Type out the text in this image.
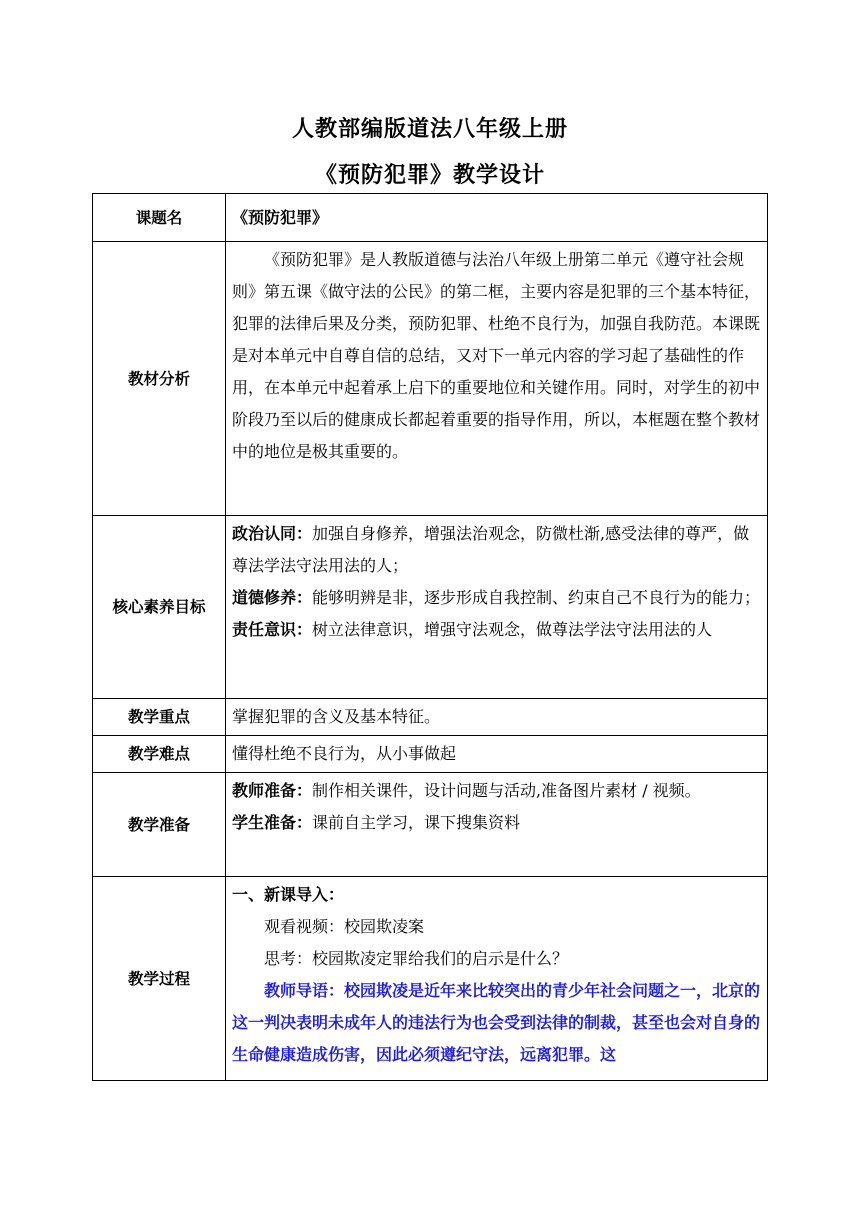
人教部编版道法八年级上册
《预防犯罪》教学设计
课题名	《预防犯罪》
教材分析	《预防犯罪》是人教版道德与法治八年级上册第二单元《遵守社会规则》第五课《做守法的公民》的第二框，主要内容是犯罪的三个基本特征，犯罪的法律后果及分类，预防犯罪、杜绝不良行为，加强自我防范。本课既是对本单元中自尊自信的总结，又对下一单元内容的学习起了基础性的作用，在本单元中起着承上启下的重要地位和关键作用。同时，对学生的初中阶段乃至以后的健康成长都起着重要的指导作用，所以，本框题在整个教材中的地位是极其重要的。

核心素养目标	政治认同：加强自身修养，增强法治观念，防微杜渐,感受法律的尊严，做尊法学法守法用法的人；

道德修养：能够明辨是非，逐步形成自我控制、约束自己不良行为的能力；

责任意识：树立法律意识，增强守法观念，做尊法学法守法用法的人

教学重点	掌握犯罪的含义及基本特征。
教学难点	懂得杜绝不良行为，从小事做起
教学准备	教师准备：制作相关课件，设计问题与活动,准备图片素材 / 视频。

学生准备：课前自主学习，课下搜集资料

教学过程	一、新课导入：

观看视频：校园欺凌案

思考：校园欺凌定罪给我们的启示是什么？

教师导语：校园欺凌是近年来比较突出的青少年社会问题之一，北京的这一判决表明未成年人的违法行为也会受到法律的制裁，甚至也会对自身的生命健康造成伤害，因此必须遵纪守法，远离犯罪。这
